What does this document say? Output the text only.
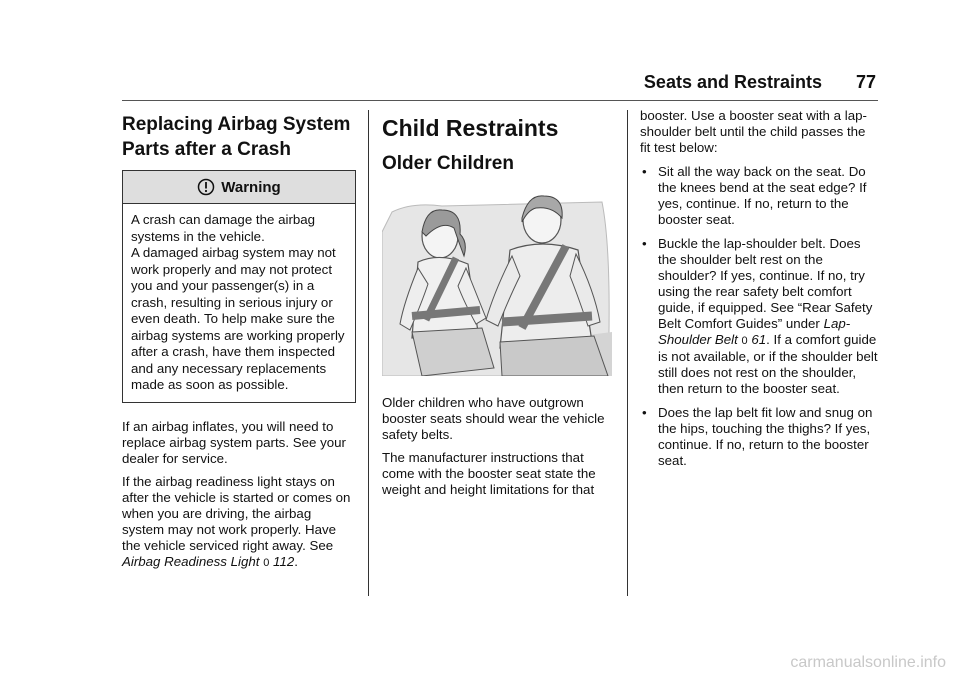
Seats and Restraints 77
Replacing Airbag System Parts after a Crash
Warning

A crash can damage the airbag systems in the vehicle.

A damaged airbag system may not work properly and may not protect you and your passenger(s) in a crash, resulting in serious injury or even death. To help make sure the airbag systems are working properly after a crash, have them inspected and any necessary replacements made as soon as possible.

If an airbag inflates, you will need to replace airbag system parts. See your dealer for service.

If the airbag readiness light stays on after the vehicle is started or comes on when you are driving, the airbag system may not work properly. Have the vehicle serviced right away. See Airbag Readiness Light 0 112.

Child Restraints
Older Children

Older children who have outgrown booster seats should wear the vehicle safety belts.

The manufacturer instructions that come with the booster seat state the weight and height limitations for that

booster. Use a booster seat with a lap-shoulder belt until the child passes the fit test below:

• Sit all the way back on the seat. Do the knees bend at the seat edge? If yes, continue. If no, return to the booster seat.
• Buckle the lap-shoulder belt. Does the shoulder belt rest on the shoulder? If yes, continue. If no, try using the rear safety belt comfort guide, if equipped. See “Rear Safety Belt Comfort Guides” under Lap-Shoulder Belt 0 61. If a comfort guide is not available, or if the shoulder belt still does not rest on the shoulder, then return to the booster seat.
• Does the lap belt fit low and snug on the hips, touching the thighs? If yes, continue. If no, return to the booster seat.
carmanualsonline.info
